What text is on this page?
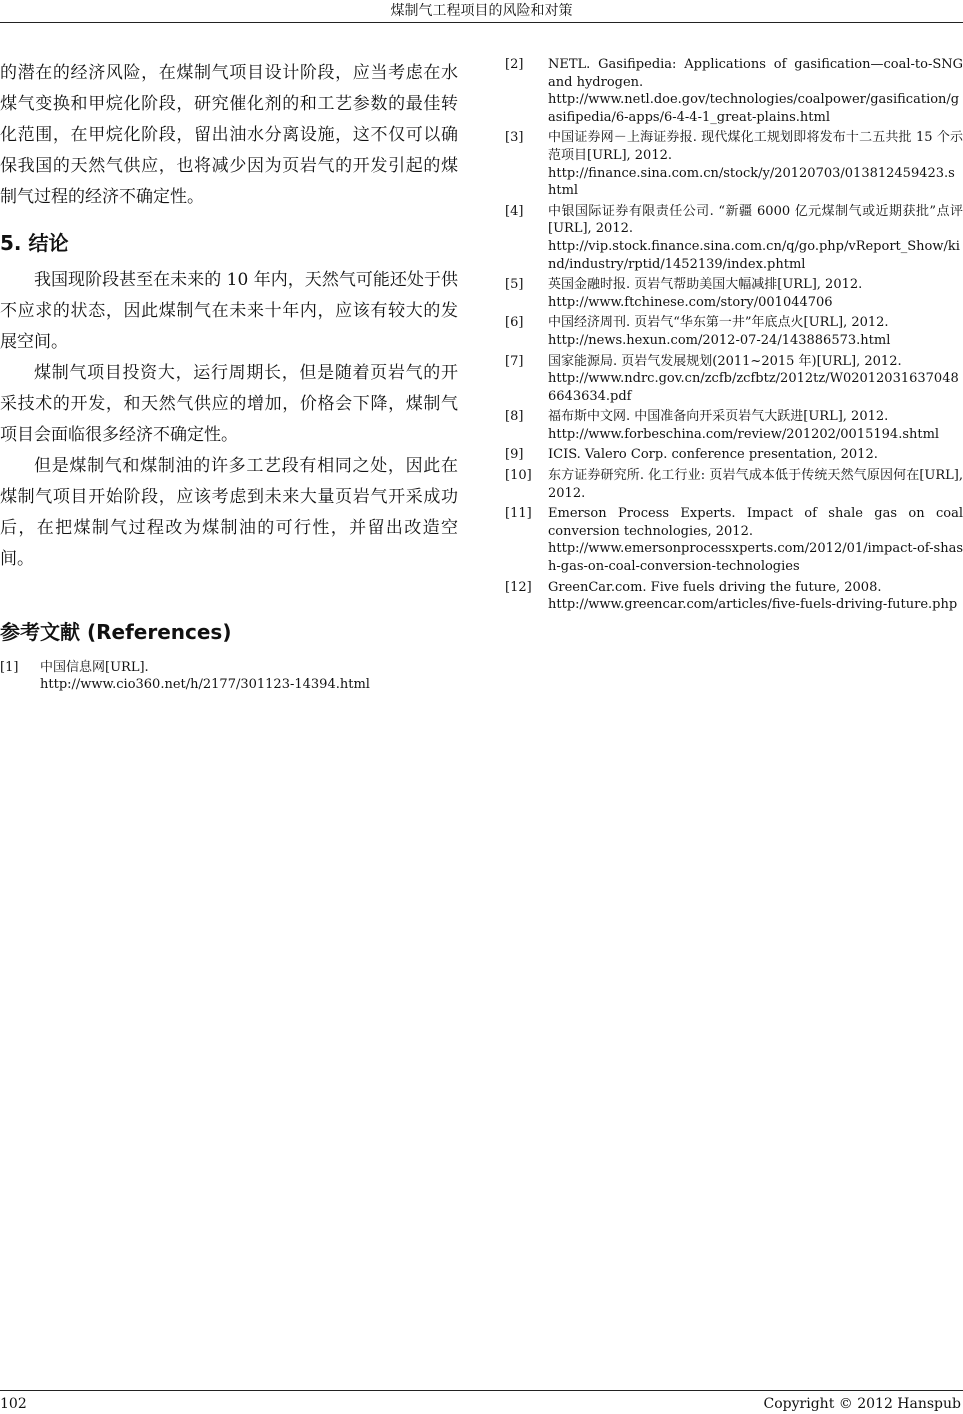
煤制气工程项目的风险和对策

的潜在的经济风险，在煤制气项目设计阶段，应当考虑在水煤气变换和甲烷化阶段，研究催化剂的和工艺参数的最佳转化范围，在甲烷化阶段，留出油水分离设施，这不仅可以确保我国的天然气供应，也将减少因为页岩气的开发引起的煤制气过程的经济不确定性。

5. 结论

我国现阶段甚至在未来的 10 年内，天然气可能还处于供不应求的状态，因此煤制气在未来十年内，应该有较大的发展空间。

煤制气项目投资大，运行周期长，但是随着页岩气的开采技术的开发，和天然气供应的增加，价格会下降，煤制气项目会面临很多经济不确定性。

但是煤制气和煤制油的许多工艺段有相同之处，因此在煤制气项目开始阶段，应该考虑到未来大量页岩气开采成功后，在把煤制气过程改为煤制油的可行性，并留出改造空间。

参考文献 (References)
[1]	中国信息网[URL].
http://www.cio360.net/h/2177/301123-14394.html
[2]	NETL. Gasifipedia: Applications of gasification—coal-to-SNG and hydrogen.
http://www.netl.doe.gov/technologies/coalpower/gasification/gasifipedia/6-apps/6-4-4-1_great-plains.html
[3]	中国证券网－上海证券报. 现代煤化工规划即将发布十二五共批 15 个示范项目[URL], 2012.
http://finance.sina.com.cn/stock/y/20120703/013812459423.shtml
[4]	中银国际证券有限责任公司. “新疆 6000 亿元煤制气或近期获批”点评[URL], 2012.
http://vip.stock.finance.sina.com.cn/q/go.php/vReport_Show/kind/industry/rptid/1452139/index.phtml
[5]	英国金融时报. 页岩气帮助美国大幅减排[URL], 2012.
http://www.ftchinese.com/story/001044706
[6]	中国经济周刊. 页岩气“华东第一井”年底点火[URL], 2012.
http://news.hexun.com/2012-07-24/143886573.html
[7]	国家能源局. 页岩气发展规划(2011~2015 年)[URL], 2012.
http://www.ndrc.gov.cn/zcfb/zcfbtz/2012tz/W020120316370486643634.pdf
[8]	福布斯中文网. 中国准备向开采页岩气大跃进[URL], 2012.
http://www.forbeschina.com/review/201202/0015194.shtml
[9]	ICIS. Valero Corp. conference presentation, 2012.
[10]	东方证券研究所. 化工行业: 页岩气成本低于传统天然气原因何在[URL], 2012.
[11]	Emerson Process Experts. Impact of shale gas on coal conversion technologies, 2012.
http://www.emersonprocessxperts.com/2012/01/impact-of-shash-gas-on-coal-conversion-technologies
[12]	GreenCar.com. Five fuels driving the future, 2008.
http://www.greencar.com/articles/five-fuels-driving-future.php
102	Copyright © 2012 Hanspub
